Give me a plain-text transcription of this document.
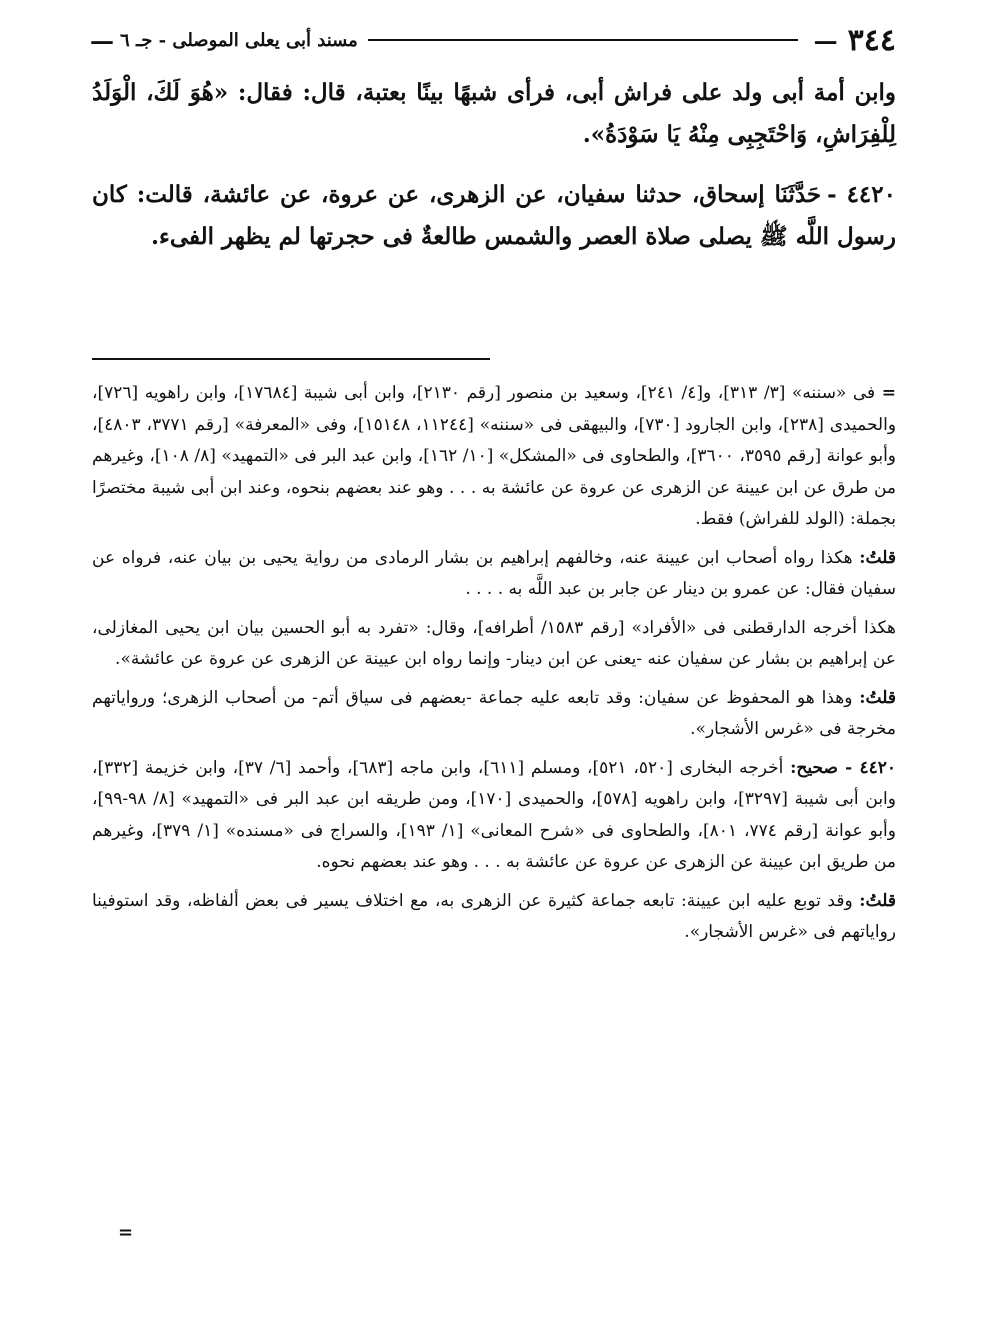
٣٤٤
—
مسند أبى يعلى الموصلى - جـ ٦
—

وابن أمة أبى ولد على فراش أبى، فرأى شبهًا بينًا بعتبة، قال: فقال: «هُوَ لَكَ، الْوَلَدُ لِلْفِرَاشِ، وَاحْتَجِبِى مِنْهُ يَا سَوْدَةُ».

٤٤٢٠ -حَدَّثَنَا إسحاق، حدثنا سفيان، عن الزهرى، عن عروة، عن عائشة، قالت: كان رسول اللَّه ﷺ يصلى صلاة العصر والشمس طالعةٌ فى حجرتها لم يظهر الفىء.

= فى «سننه» [٣/ ٣١٣]، و[٤/ ٢٤١]، وسعيد بن منصور [رقم ٢١٣٠]، وابن أبى شيبة [١٧٦٨٤]، وابن راهويه [٧٢٦]، والحميدى [٢٣٨]، وابن الجارود [٧٣٠]، والبيهقى فى «سننه» [١١٢٤٤، ١٥١٤٨]، وفى «المعرفة» [رقم ٣٧٧١، ٤٨٠٣]، وأبو عوانة [رقم ٣٥٩٥، ٣٦٠٠]، والطحاوى فى «المشكل» [١٠/ ١٦٢]، وابن عبد البر فى «التمهيد» [٨/ ١٠٨]، وغيرهم من طرق عن ابن عيينة عن الزهرى عن عروة عن عائشة به . . . وهو عند بعضهم بنحوه، وعند ابن أبى شيبة مختصرًا بجملة: (الولد للفراش) فقط.

قلتُ: هكذا رواه أصحاب ابن عيينة عنه، وخالفهم إبراهيم بن بشار الرمادى من رواية يحيى بن بيان عنه، فرواه عن سفيان فقال: عن عمرو بن دينار عن جابر بن عبد اللَّه به . . . .

هكذا أخرجه الدارقطنى فى «الأفراد» [رقم ١٥٨٣/ أطرافه]، وقال: «تفرد به أبو الحسين بيان ابن يحيى المغازلى، عن إبراهيم بن بشار عن سفيان عنه -يعنى عن ابن دينار- وإنما رواه ابن عيينة عن الزهرى عن عروة عن عائشة».

قلتُ: وهذا هو المحفوظ عن سفيان: وقد تابعه عليه جماعة -بعضهم فى سياق أتم- من أصحاب الزهرى؛ ورواياتهم مخرجة فى «غرس الأشجار».

٤٤٢٠ - صحيح: أخرجه البخارى [٥٢٠، ٥٢١]، ومسلم [٦١١]، وابن ماجه [٦٨٣]، وأحمد [٦/ ٣٧]، وابن خزيمة [٣٣٢]، وابن أبى شيبة [٣٢٩٧]، وابن راهويه [٥٧٨]، والحميدى [١٧٠]، ومن طريقه ابن عبد البر فى «التمهيد» [٨/ ٩٨-٩٩]، وأبو عوانة [رقم ٧٧٤، ٨٠١]، والطحاوى فى «شرح المعانى» [١/ ١٩٣]، والسراج فى «مسنده» [١/ ٣٧٩]، وغيرهم من طريق ابن عيينة عن الزهرى عن عروة عن عائشة به . . . وهو عند بعضهم نحوه.

قلتُ: وقد توبع عليه ابن عيينة: تابعه جماعة كثيرة عن الزهرى به، مع اختلاف يسير فى بعض ألفاظه، وقد استوفينا رواياتهم فى «غرس الأشجار».

=
